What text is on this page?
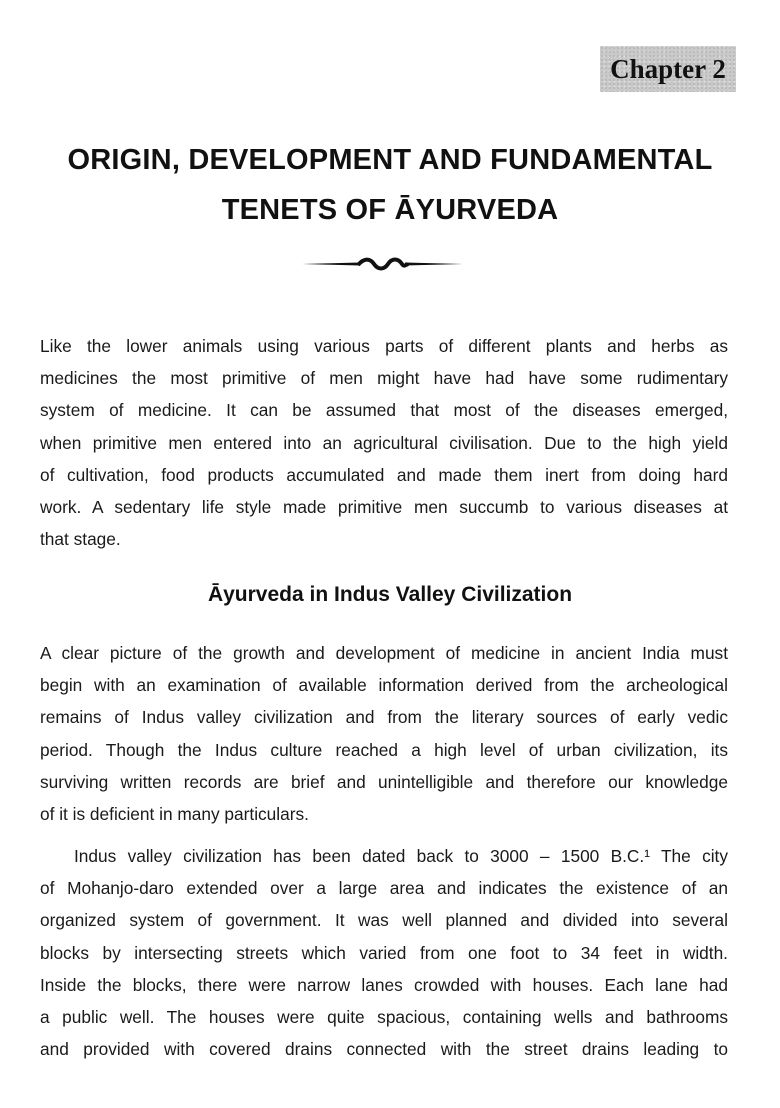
Chapter 2
ORIGIN, DEVELOPMENT AND FUNDAMENTAL
TENETS OF ĀYURVEDA
Like the lower animals using various parts of different plants and herbs as
medicines the most primitive of men might have had have some rudimentary
system of medicine. It can be assumed that most of the diseases emerged,
when primitive men entered into an agricultural civilisation. Due to the high yield
of cultivation, food products accumulated and made them inert from doing hard
work. A sedentary life style made primitive men succumb to various diseases at
that stage.
Āyurveda in Indus Valley Civilization
A clear picture of the growth and development of medicine in ancient India must
begin with an examination of available information derived from the archeological
remains of Indus valley civilization and from the literary sources of early vedic
period. Though the Indus culture reached a high level of urban civilization, its
surviving written records are brief and unintelligible and therefore our knowledge
of it is deficient in many particulars.
Indus valley civilization has been dated back to 3000 – 1500 B.C.¹ The city
of Mohanjo-daro extended over a large area and indicates the existence of an
organized system of government. It was well planned and divided into several
blocks by intersecting streets which varied from one foot to 34 feet in width.
Inside the blocks, there were narrow lanes crowded with houses. Each lane had
a public well. The houses were quite spacious, containing wells and bathrooms
and provided with covered drains connected with the street drains leading to
